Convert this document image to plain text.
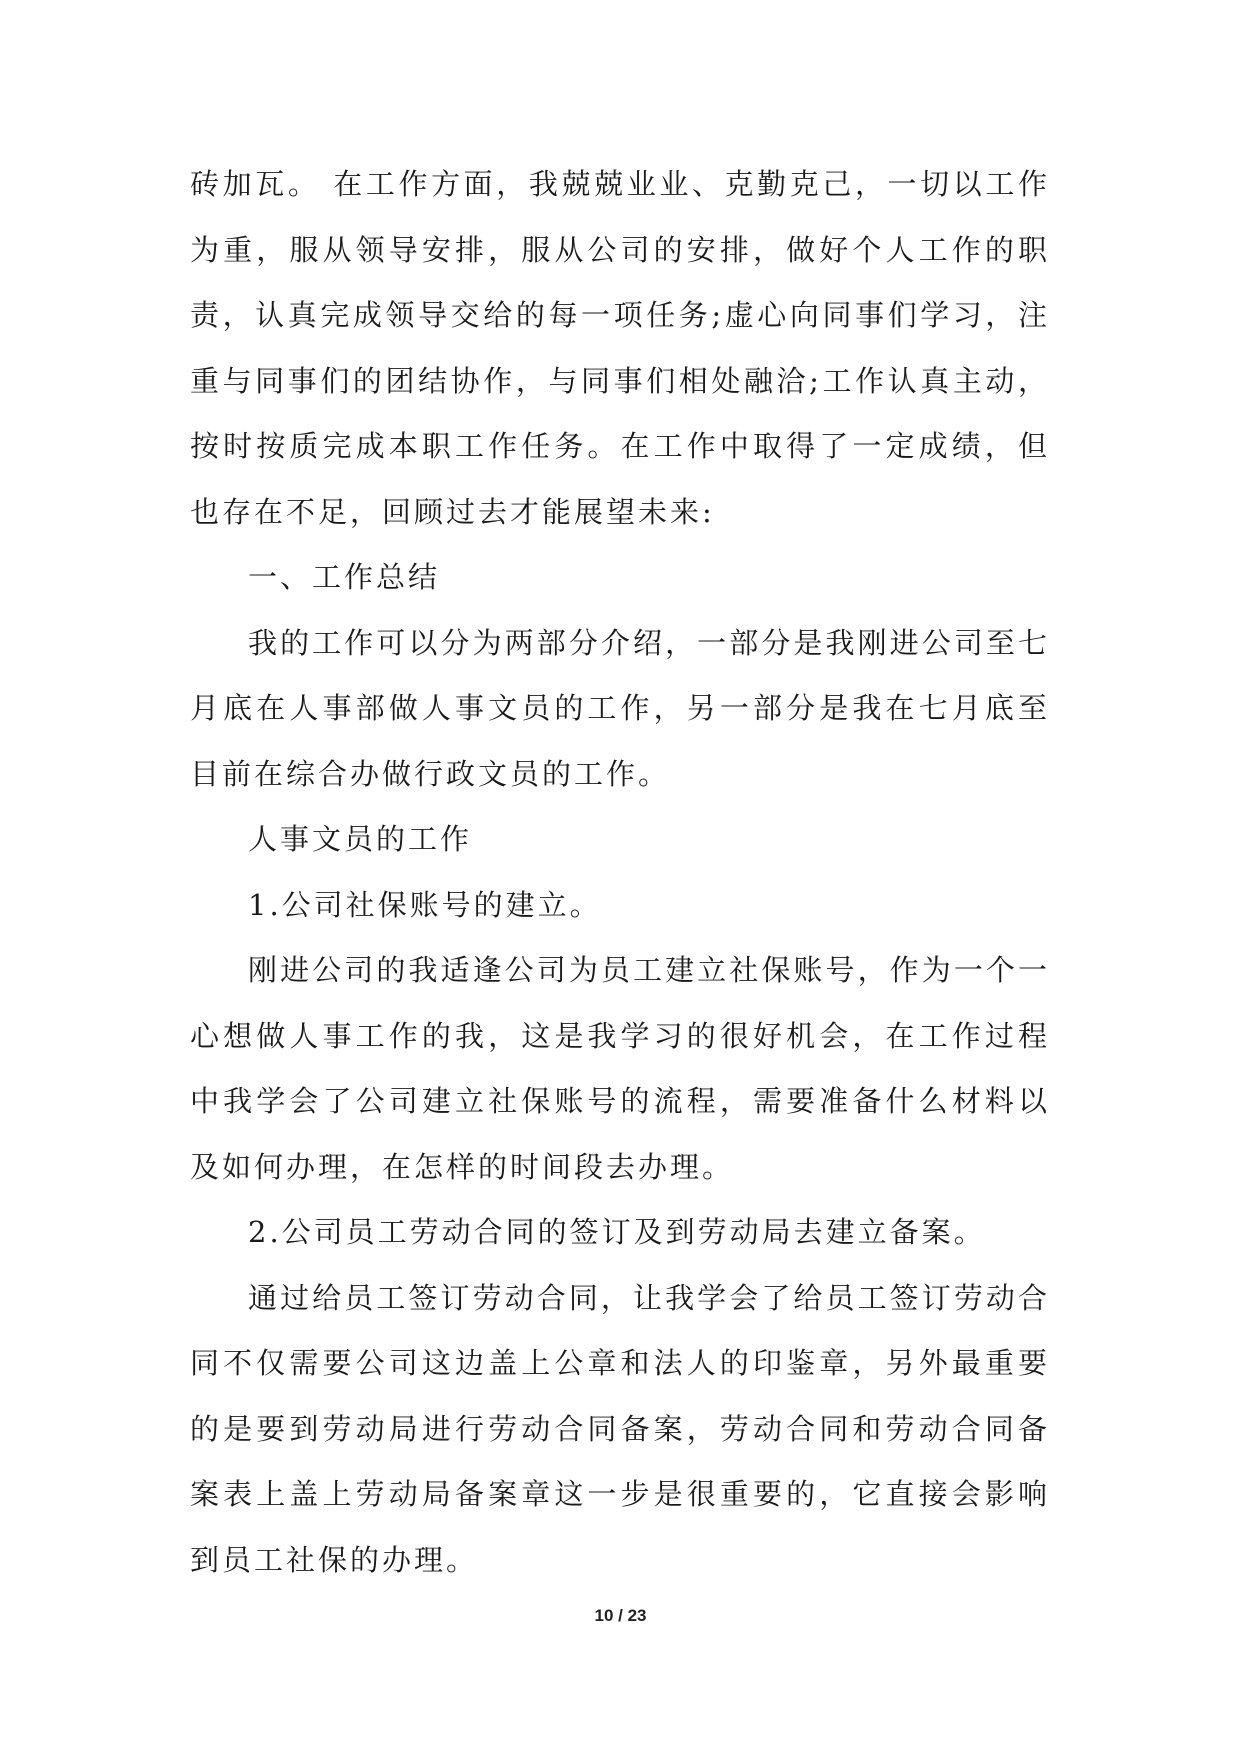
砖加瓦。 在工作方面，我兢兢业业、克勤克己，一切以工作为重，服从领导安排，服从公司的安排，做好个人工作的职责，认真完成领导交给的每一项任务;虚心向同事们学习，注重与同事们的团结协作，与同事们相处融洽;工作认真主动，按时按质完成本职工作任务。在工作中取得了一定成绩，但也存在不足，回顾过去才能展望未来:

一、工作总结

我的工作可以分为两部分介绍，一部分是我刚进公司至七月底在人事部做人事文员的工作，另一部分是我在七月底至目前在综合办做行政文员的工作。

人事文员的工作

1.公司社保账号的建立。

刚进公司的我适逢公司为员工建立社保账号，作为一个一心想做人事工作的我，这是我学习的很好机会，在工作过程中我学会了公司建立社保账号的流程，需要准备什么材料以及如何办理，在怎样的时间段去办理。

2.公司员工劳动合同的签订及到劳动局去建立备案。

通过给员工签订劳动合同，让我学会了给员工签订劳动合同不仅需要公司这边盖上公章和法人的印鉴章，另外最重要的是要到劳动局进行劳动合同备案，劳动合同和劳动合同备案表上盖上劳动局备案章这一步是很重要的，它直接会影响到员工社保的办理。

10 / 23
